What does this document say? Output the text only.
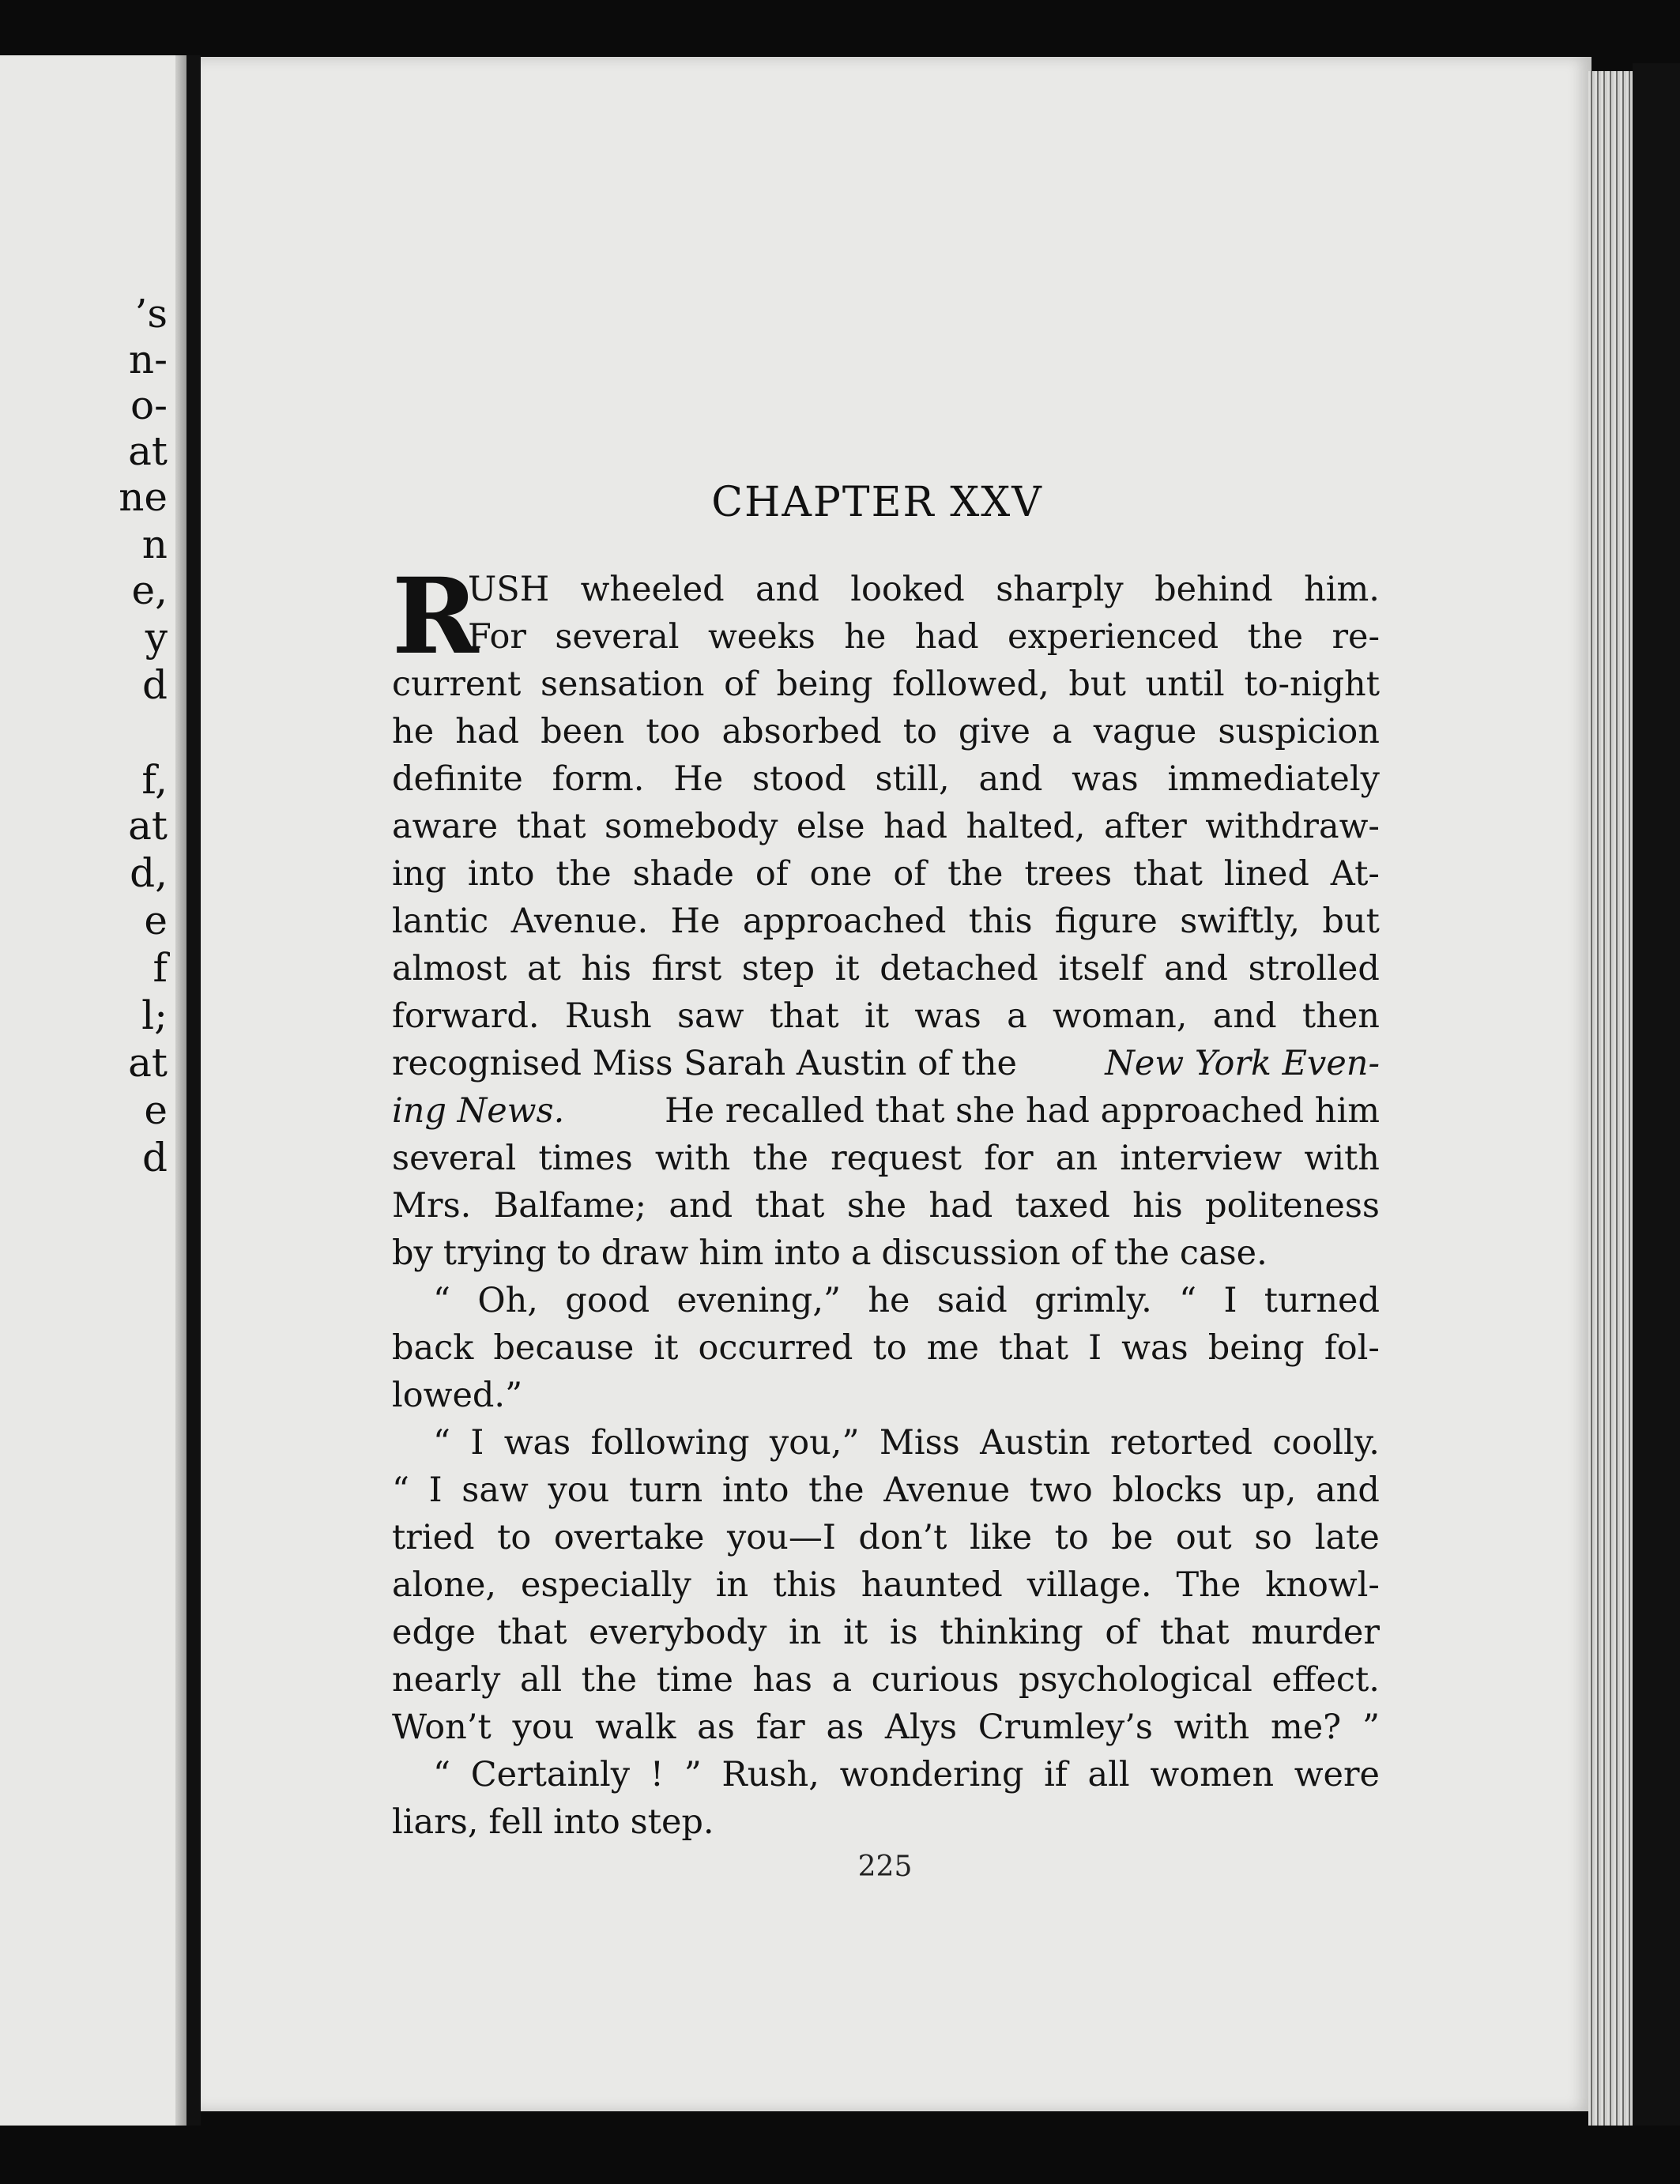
’s
n-
o-
at
ne
n
e,
y
d
f,
at
d,
e
f
l;
at
e
d
CHAPTER XXV
R
USH wheeled and looked sharply behind him.
For several weeks he had experienced the re-
current sensation of being followed, but until to-night
he had been too absorbed to give a vague suspicion
definite form. He stood still, and was immediately
aware that somebody else had halted, after withdraw-
ing into the shade of one of the trees that lined At-
lantic Avenue. He approached this figure swiftly, but
almost at his first step it detached itself and strolled
forward. Rush saw that it was a woman, and then
recognised Miss Sarah Austin of the	New York Even-
ing News.	He recalled that she had approached him
several times with the request for an interview with
Mrs. Balfame; and that she had taxed his politeness
by trying to draw him into a discussion of the case.
“ Oh, good evening,” he said grimly. “ I turned
back because it occurred to me that I was being fol-
lowed.”
“ I was following you,” Miss Austin retorted coolly.
“ I saw you turn into the Avenue two blocks up, and
tried to overtake you—I don’t like to be out so late
alone, especially in this haunted village. The knowl-
edge that everybody in it is thinking of that murder
nearly all the time has a curious psychological effect.
Won’t you walk as far as Alys Crumley’s with me? ”
“ Certainly ! ” Rush, wondering if all women were
liars, fell into step.
225
